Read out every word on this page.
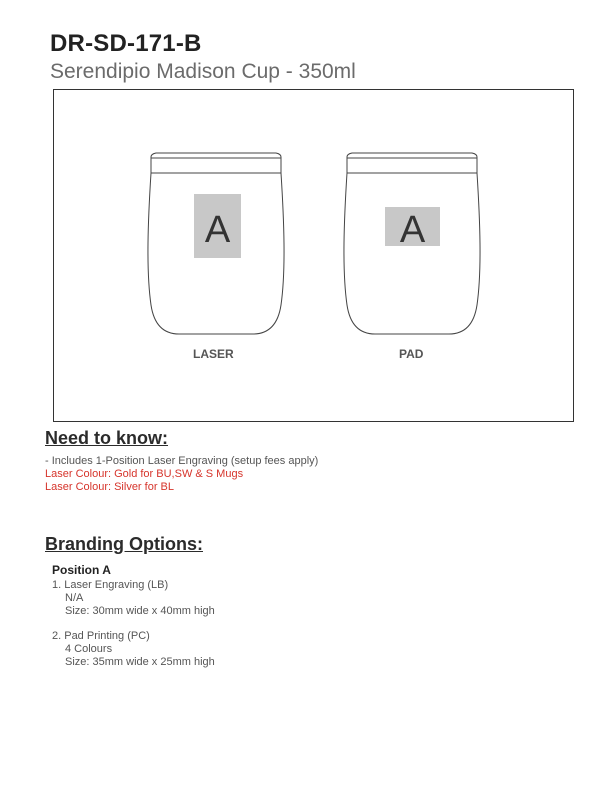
DR-SD-171-B
Serendipio Madison Cup - 350ml
A	A
LASER	PAD
Need to know:
- Includes 1-Position Laser Engraving (setup fees apply)
Laser Colour: Gold for BU,SW & S Mugs
Laser Colour: Silver for BL
Branding Options:
Position A
1. Laser Engraving (LB)
N/A
Size: 30mm wide x 40mm high
2. Pad Printing (PC)
4 Colours
Size: 35mm wide x 25mm high
